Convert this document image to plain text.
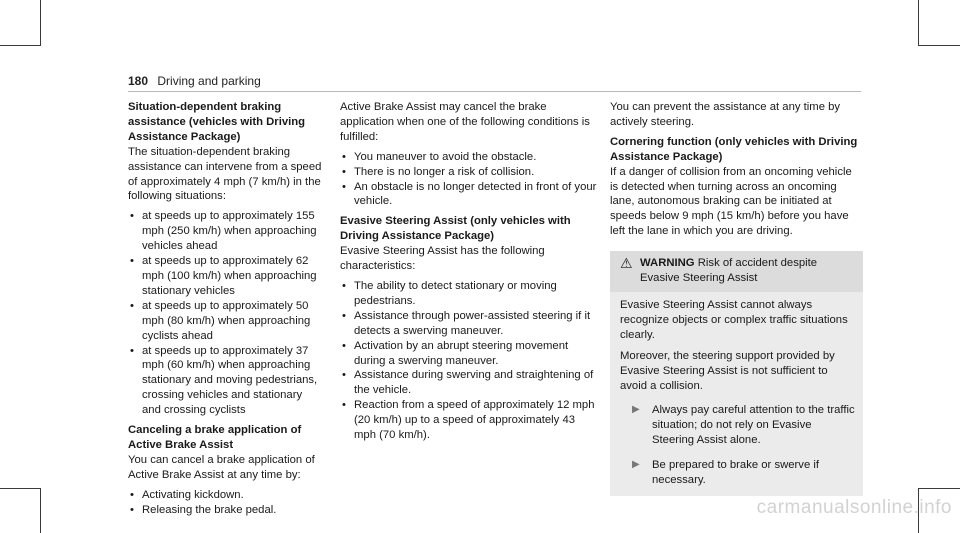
180 Driving and parking
Situation-dependent braking assistance (vehicles with Driving Assistance Package)

The situation-dependent braking assistance can intervene from a speed of approximately 4 mph (7 km/h) in the following situations:

• at speeds up to approximately 155 mph (250 km/h) when approaching vehicles ahead
• at speeds up to approximately 62 mph (100 km/h) when approaching stationary vehicles
• at speeds up to approximately 50 mph (80 km/h) when approaching cyclists ahead
• at speeds up to approximately 37 mph (60 km/h) when approaching stationary and moving pedestrians, crossing vehicles and stationary and crossing cyclists
Canceling a brake application of Active Brake Assist

You can cancel a brake application of Active Brake Assist at any time by:

• Activating kickdown.
• Releasing the brake pedal.

Active Brake Assist may cancel the brake application when one of the following conditions is fulfilled:

• You maneuver to avoid the obstacle.
• There is no longer a risk of collision.
• An obstacle is no longer detected in front of your vehicle.
Evasive Steering Assist (only vehicles with Driving Assistance Package)

Evasive Steering Assist has the following characteristics:

• The ability to detect stationary or moving pedestrians.
• Assistance through power-assisted steering if it detects a swerving maneuver.
• Activation by an abrupt steering movement during a swerving maneuver.
• Assistance during swerving and straightening of the vehicle.
• Reaction from a speed of approximately 12 mph (20 km/h) up to a speed of approximately 43 mph (70 km/h).

You can prevent the assistance at any time by actively steering.

Cornering function (only vehicles with Driving Assistance Package)

If a danger of collision from an oncoming vehicle is detected when turning across an oncoming lane, autonomous braking can be initiated at speeds below 9 mph (15 km/h) before you have left the lane in which you are driving.

⚠ WARNING Risk of accident despite Evasive Steering Assist

Evasive Steering Assist cannot always recognize objects or complex traffic situations clearly.

Moreover, the steering support provided by Evasive Steering Assist is not sufficient to avoid a collision.

▶ Always pay careful attention to the traffic situation; do not rely on Evasive Steering Assist alone.
▶ Be prepared to brake or swerve if necessary.
carmanualsonline.info
